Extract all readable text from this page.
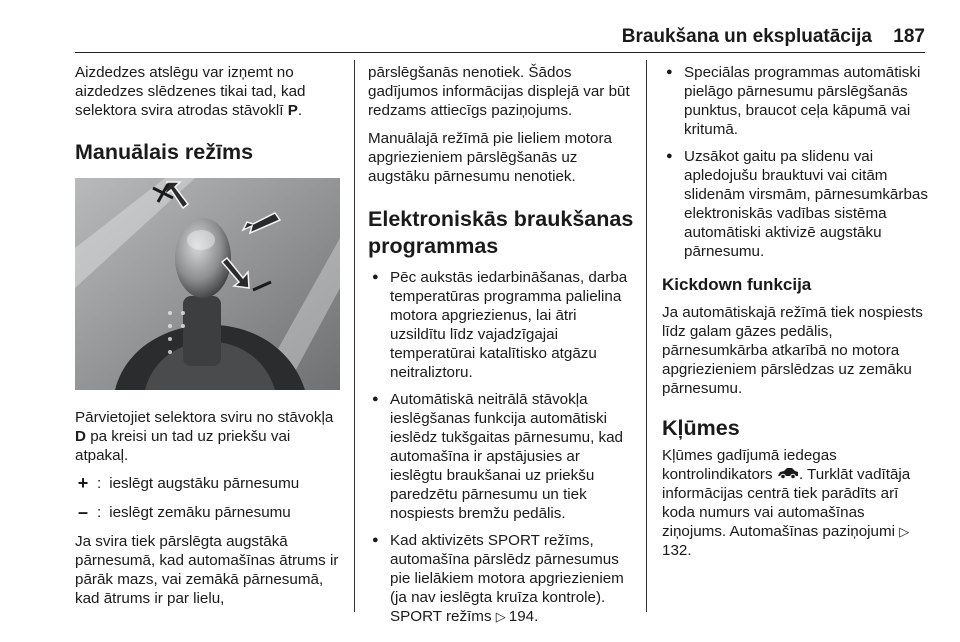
Braukšana un ekspluatācija 187

Aizdedzes atslēgu var izņemt no aizdedzes slēdzenes tikai tad, kad selektora svira atrodas stāvoklī P.

Manuālais režīms

Pārvietojiet selektora sviru no stāvokļa D pa kreisi un tad uz priekšu vai atpakaļ.

+ : ieslēgt augstāku pārnesumu
– : ieslēgt zemāku pārnesumu

Ja svira tiek pārslēgta augstākā pārnesumā, kad automašīnas ātrums ir pārāk mazs, vai zemākā pārnesumā, kad ātrums ir par lielu,

pārslēgšanās nenotiek. Šādos gadījumos informācijas displejā var būt redzams attiecīgs paziņojums.

Manuālajā režīmā pie lieliem motora apgriezieniem pārslēgšanās uz augstāku pārnesumu nenotiek.

Elektroniskās braukšanas programmas
● Pēc aukstās iedarbināšanas, darba temperatūras programma palielina motora apgriezienus, lai ātri uzsildītu līdz vajadzīgajai temperatūrai katalītisko atgāzu neitraliztoru.
● Automātiskā neitrālā stāvokļa ieslēgšanas funkcija automātiski ieslēdz tukšgaitas pārnesumu, kad automašīna ir apstājusies ar ieslēgtu braukšanai uz priekšu paredzētu pārnesumu un tiek nospiests bremžu pedālis.
● Kad aktivizēts SPORT režīms, automašīna pārslēdz pārnesumus pie lielākiem motora apgriezieniem (ja nav ieslēgta kruīza kontrole). SPORT režīms ▷ 194.
● Speciālas programmas automātiski pielāgo pārnesumu pārslēgšanās punktus, braucot ceļa kāpumā vai kritumā.
● Uzsākot gaitu pa slidenu vai apledojušu brauktuvi vai citām slidenām virsmām, pārnesumkārbas elektroniskās vadības sistēma automātiski aktivizē augstāku pārnesumu.
Kickdown funkcija

Ja automātiskajā režīmā tiek nospiests līdz galam gāzes pedālis, pārnesumkārba atkarībā no motora apgriezieniem pārslēdzas uz zemāku pārnesumu.

Kļūmes

Kļūmes gadījumā iedegas kontrolindikators . Turklāt vadītāja informācijas centrā tiek parādīts arī koda numurs vai automašīnas ziņojums. Automašīnas paziņojumi ▷132.
